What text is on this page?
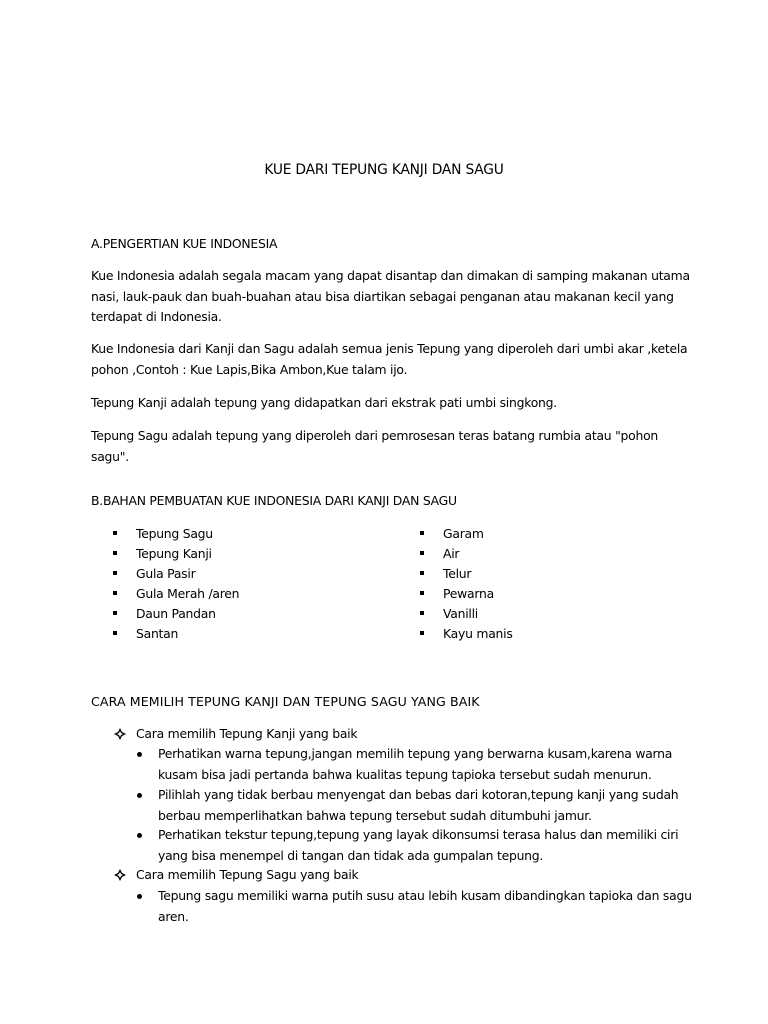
KUE DARI TEPUNG KANJI DAN SAGU
A.PENGERTIAN KUE INDONESIA

Kue Indonesia adalah segala macam yang dapat disantap dan dimakan di samping makanan utama nasi, lauk-pauk dan buah-buahan atau bisa diartikan sebagai penganan atau makanan kecil yang terdapat di Indonesia.

Kue Indonesia dari Kanji dan Sagu adalah semua jenis Tepung yang diperoleh dari umbi akar ,ketela pohon ,Contoh : Kue Lapis,Bika Ambon,Kue talam ijo.

Tepung Kanji adalah tepung yang didapatkan dari ekstrak pati umbi singkong.

Tepung Sagu adalah tepung yang diperoleh dari pemrosesan teras batang rumbia atau "pohon sagu".

B.BAHAN PEMBUATAN KUE INDONESIA DARI KANJI DAN SAGU
Tepung Sagu
Tepung Kanji
Gula Pasir
Gula Merah /aren
Daun Pandan
Santan
Garam
Air
Telur
Pewarna
Vanilli
Kayu manis
CARA MEMILIH TEPUNG KANJI DAN TEPUNG SAGU YANG BAIK
Cara memilih Tepung Kanji yang baik
Perhatikan warna tepung,jangan memilih tepung yang berwarna kusam,karena warna kusam bisa jadi pertanda bahwa kualitas tepung tapioka tersebut sudah menurun.
Pilihlah yang tidak berbau menyengat dan bebas dari kotoran,tepung kanji yang sudah berbau memperlihatkan bahwa tepung tersebut sudah ditumbuhi jamur.
Perhatikan tekstur tepung,tepung yang layak dikonsumsi terasa halus dan memiliki ciri yang bisa menempel di tangan dan tidak ada gumpalan tepung.
Cara memilih Tepung Sagu yang baik
Tepung sagu memiliki warna putih susu atau lebih kusam dibandingkan tapioka dan sagu aren.
